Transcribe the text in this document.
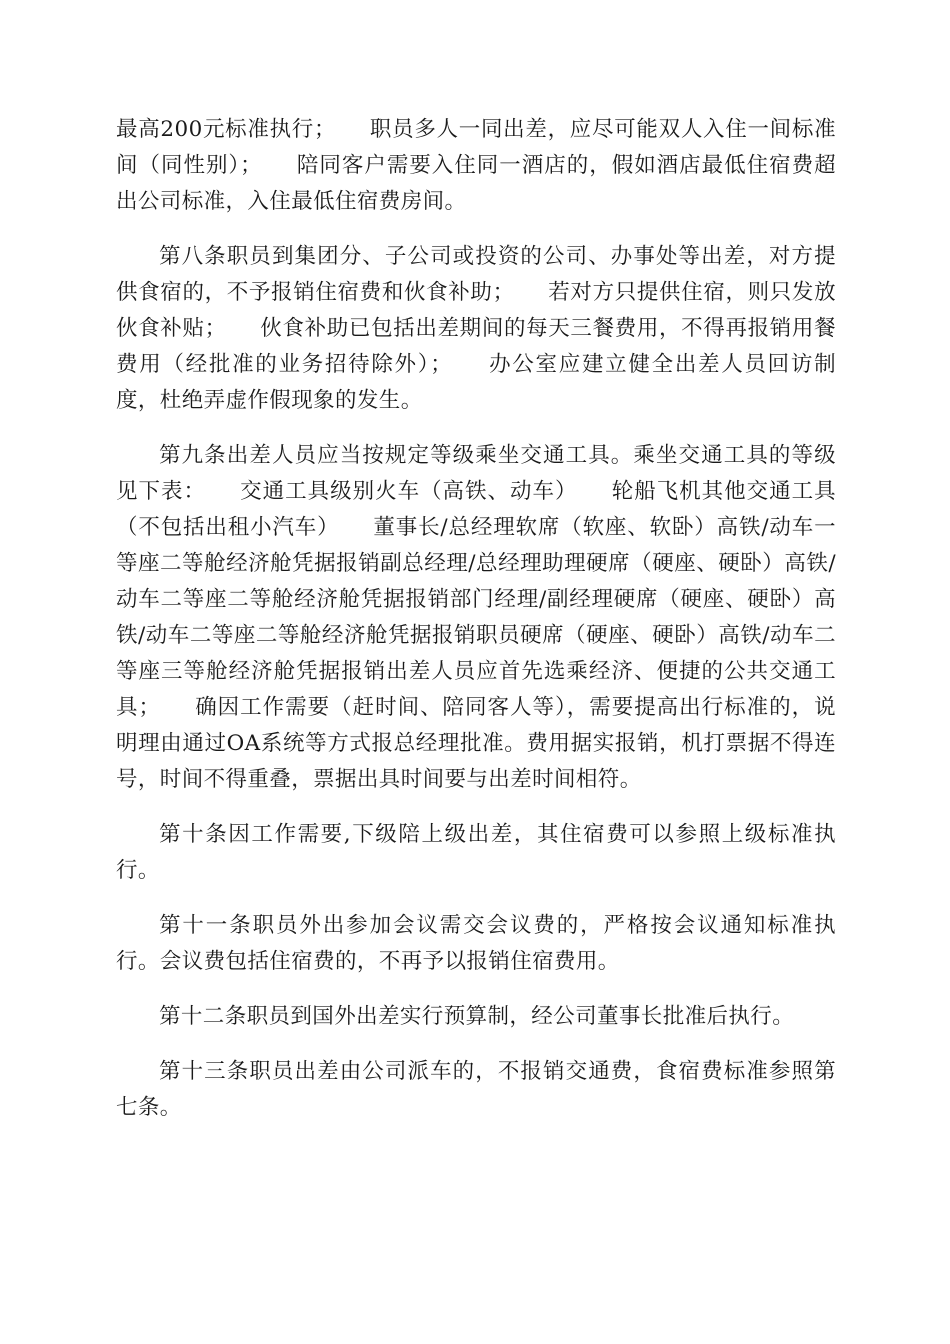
最高200元标准执行；　　职员多人一同出差，应尽可能双人入住一间标准间（同性别）；　　陪同客户需要入住同一酒店的，假如酒店最低住宿费超出公司标准，入住最低住宿费房间。

第八条职员到集团分、子公司或投资的公司、办事处等出差，对方提供食宿的，不予报销住宿费和伙食补助；　　若对方只提供住宿，则只发放伙食补贴；　　伙食补助已包括出差期间的每天三餐费用，不得再报销用餐费用（经批准的业务招待除外）；　　办公室应建立健全出差人员回访制度，杜绝弄虚作假现象的发生。

第九条出差人员应当按规定等级乘坐交通工具。乘坐交通工具的等级见下表：　　交通工具级别火车（高铁、动车）　　轮船飞机其他交通工具（不包括出租小汽车）　　董事长/总经理软席（软座、软卧）高铁/动车一等座二等舱经济舱凭据报销副总经理/总经理助理硬席（硬座、硬卧）高铁/动车二等座二等舱经济舱凭据报销部门经理/副经理硬席（硬座、硬卧）高铁/动车二等座二等舱经济舱凭据报销职员硬席（硬座、硬卧）高铁/动车二等座三等舱经济舱凭据报销出差人员应首先选乘经济、便捷的公共交通工具；　　确因工作需要（赶时间、陪同客人等），需要提高出行标准的，说明理由通过OA系统等方式报总经理批准。费用据实报销，机打票据不得连号，时间不得重叠，票据出具时间要与出差时间相符。

第十条因工作需要,下级陪上级出差，其住宿费可以参照上级标准执行。

第十一条职员外出参加会议需交会议费的，严格按会议通知标准执行。会议费包括住宿费的，不再予以报销住宿费用。

第十二条职员到国外出差实行预算制，经公司董事长批准后执行。

第十三条职员出差由公司派车的，不报销交通费，食宿费标准参照第七条。
